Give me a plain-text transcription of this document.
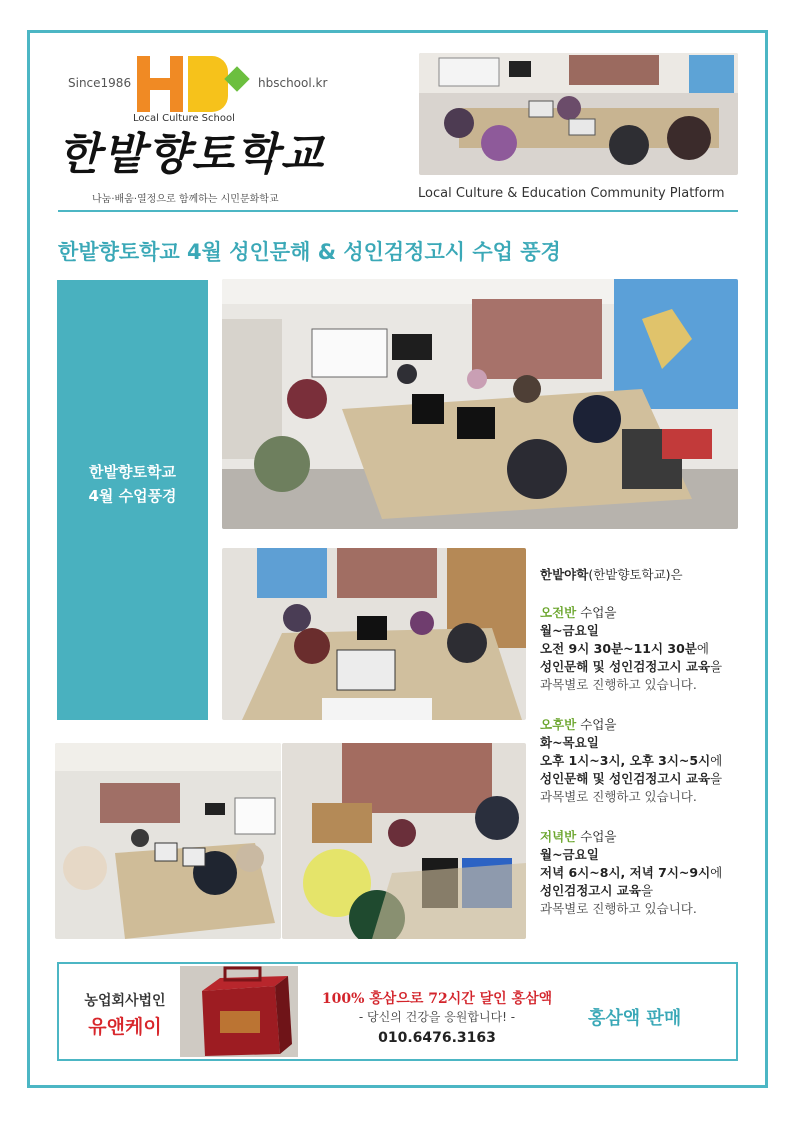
Since1986	hbschool.kr
Local Culture School
한밭향토학교
나눔·배움·열정으로 함께하는 시민문화학교	Local Culture & Education Community Platform
한밭향토학교 4월 성인문해 & 성인검정고시 수업 풍경
한밭향토학교
4월 수업풍경
한밭야학(한밭향토학교)은
오전반 수업을
월~금요일
오전 9시 30분~11시 30분에
성인문해 및 성인검정고시 교육을
과목별로 진행하고 있습니다.
오후반 수업을
화~목요일
오후 1시~3시, 오후 3시~5시에
성인문해 및 성인검정고시 교육을
과목별로 진행하고 있습니다.
저녁반 수업을
월~금요일
저녁 6시~8시, 저녁 7시~9시에
성인검정고시 교육을
과목별로 진행하고 있습니다.
농업회사법인
유앤케이
100% 홍삼으로 72시간 달인 홍삼액
- 당신의 건강을 응원합니다! -
010.6476.3163
홍삼액 판매
